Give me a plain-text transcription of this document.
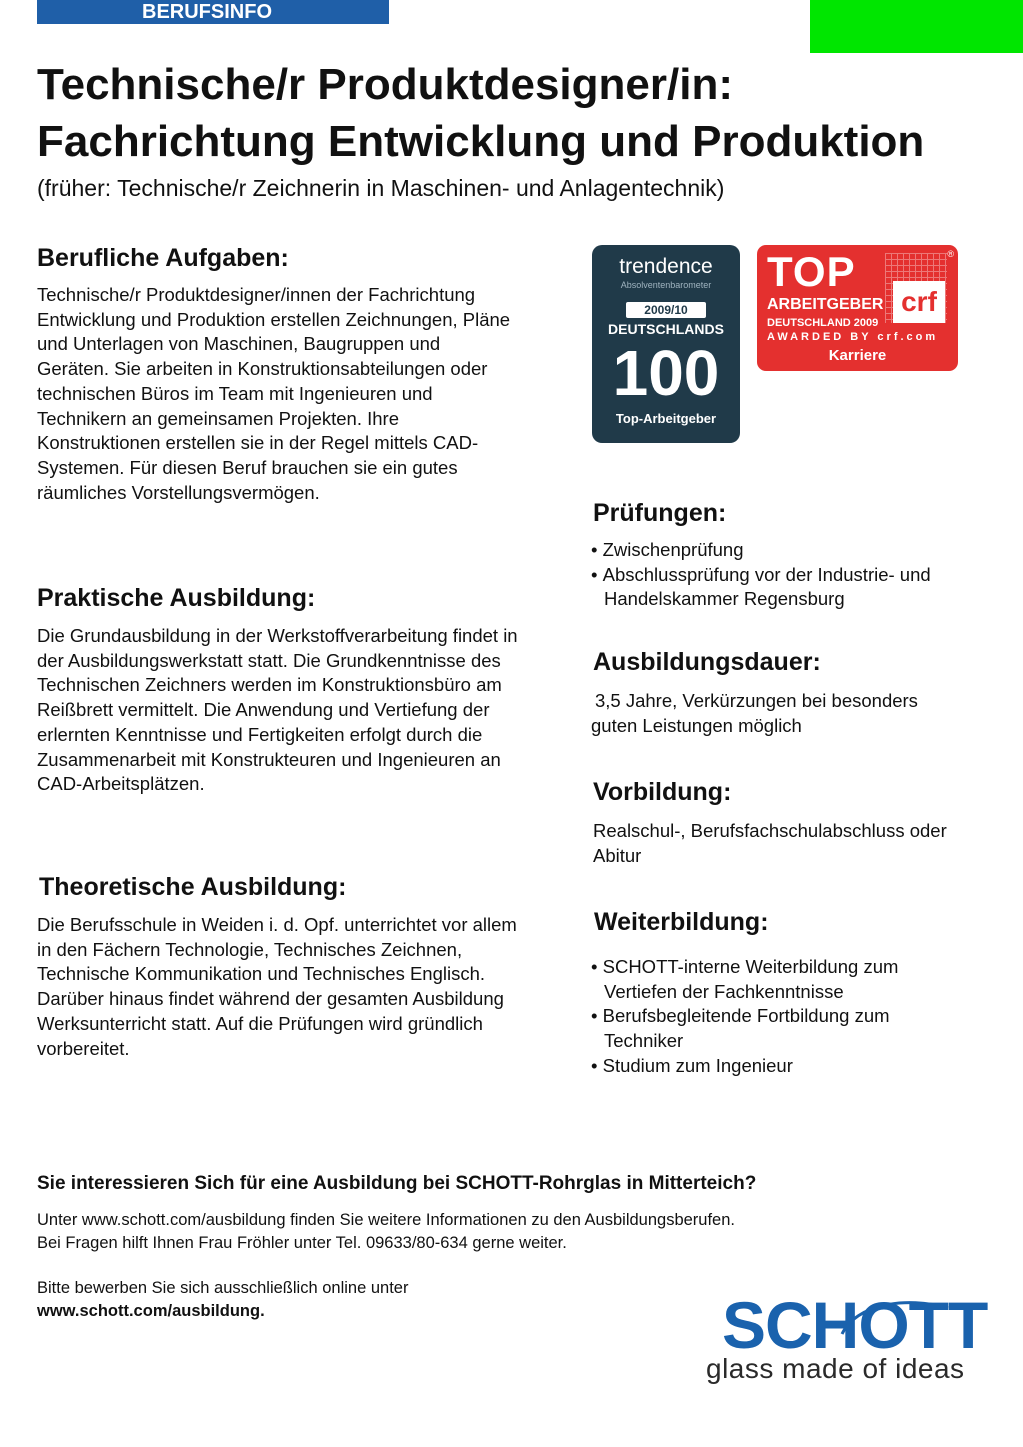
BERUFSINFO
Technische/r Produktdesigner/in:
Fachrichtung Entwicklung und Produktion

(früher: Technische/r Zeichnerin in Maschinen- und Anlagentechnik)

Berufliche Aufgaben:

Technische/r Produktdesigner/innen der Fachrichtung Entwicklung und Produktion erstellen Zeichnungen, Pläne und Unterlagen von Maschinen, Baugruppen und Geräten. Sie arbeiten in Konstruktionsabteilungen oder technischen Büros im Team mit Ingenieuren und Technikern an gemeinsamen Projekten. Ihre Konstruktionen erstellen sie in der Regel mittels CAD-Systemen. Für diesen Beruf brauchen sie ein gutes räumliches Vorstellungsvermögen.

Praktische Ausbildung:

Die Grundausbildung in der Werkstoffverarbeitung findet in der Ausbildungswerkstatt statt. Die Grundkenntnisse des Technischen Zeichners werden im Konstruktionsbüro am Reißbrett vermittelt. Die Anwendung und Vertiefung der erlernten Kenntnisse und Fertigkeiten erfolgt durch die Zusammenarbeit mit Konstrukteuren und Ingenieuren an CAD-Arbeitsplätzen.

Theoretische Ausbildung:

Die Berufsschule in Weiden i. d. Opf. unterrichtet vor allem in den Fächern Technologie, Technisches Zeichnen, Technische Kommunikation und Technisches Englisch. Darüber hinaus findet während der gesamten Ausbildung Werksunterricht statt. Auf die Prüfungen wird gründlich vorbereitet.

trendence
Absolventenbarometer
2009/10
DEUTSCHLANDS
100
Top-Arbeitgeber
®
TOP
ARBEITGEBER
DEUTSCHLAND 2009
AWARDED BY crf.com
crf
Karriere
Prüfungen:
• Zwischenprüfung
• Abschlussprüfung vor der Industrie- und Handelskammer Regensburg
Ausbildungsdauer:

3,5 Jahre, Verkürzungen bei besonders guten Leistungen möglich

Vorbildung:

Realschul-, Berufsfachschulabschluss oder Abitur

Weiterbildung:
• SCHOTT-interne Weiterbildung zum Vertiefen der Fachkenntnisse
• Berufsbegleitende Fortbildung zum Techniker
• Studium zum Ingenieur

Sie interessieren Sich für eine Ausbildung bei SCHOTT-Rohrglas in Mitterteich?

Unter www.schott.com/ausbildung finden Sie weitere Informationen zu den Ausbildungsberufen.

Bei Fragen hilft Ihnen Frau Fröhler unter Tel. 09633/80-634 gerne weiter.

Bitte bewerben Sie sich ausschließlich online unter

www.schott.com/ausbildung.	SCHOTT
glass made of ideas
